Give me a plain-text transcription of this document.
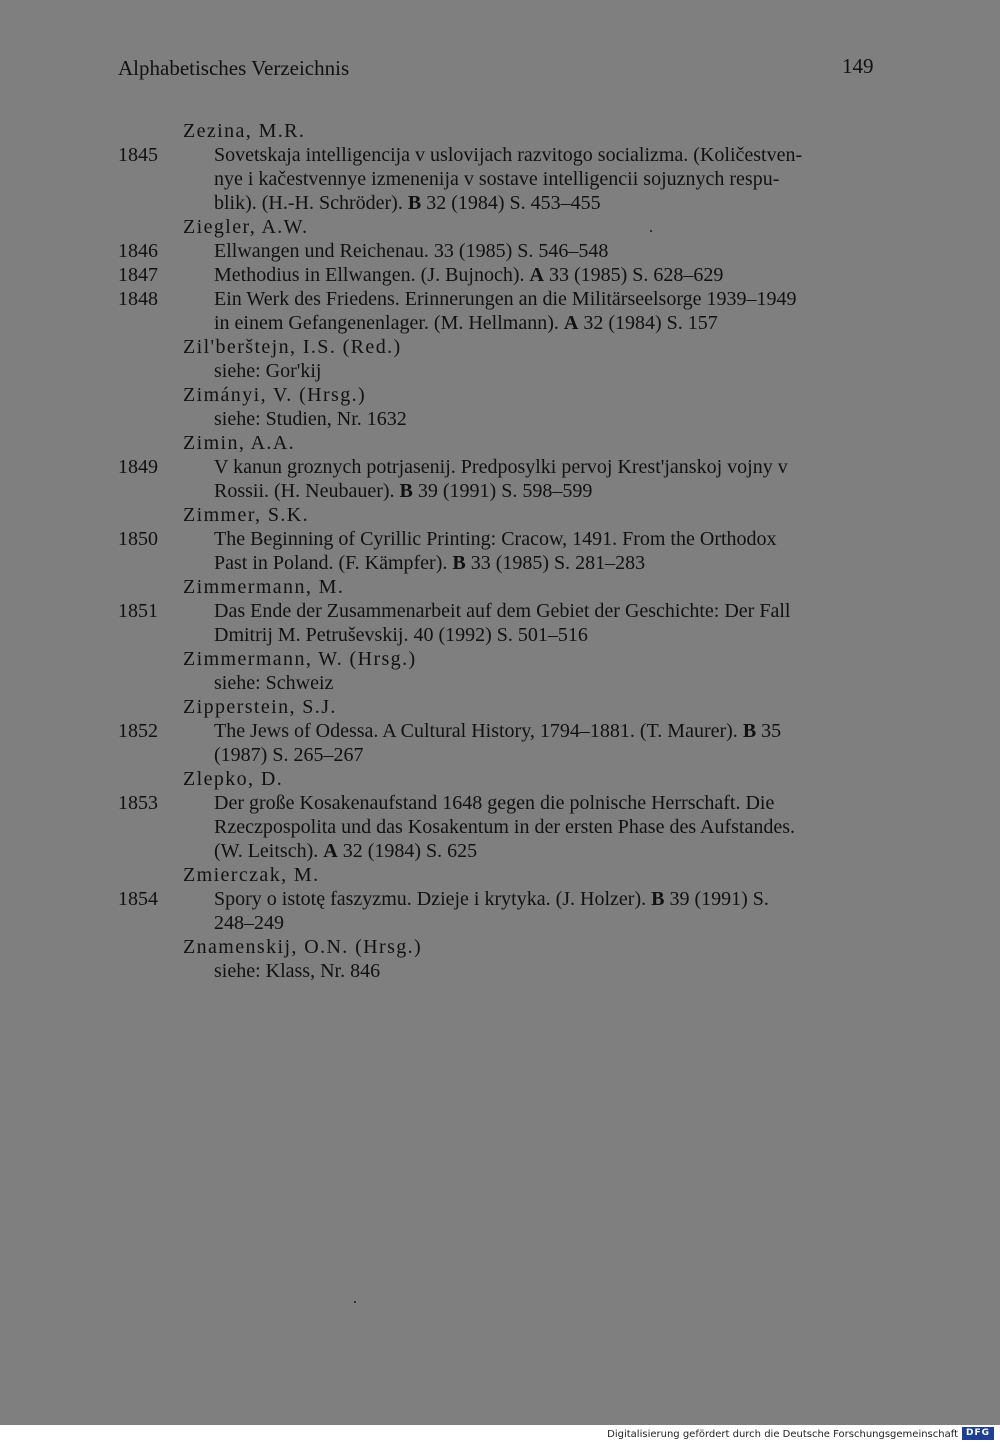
Alphabetisches Verzeichnis	149
Zezina, M.R.
1845	Sovetskaja intelligencija v uslovijach razvitogo socializma. (Količestven-
nye i kačestvennye izmenenija v sostave intelligencii sojuznych respu-
blik). (H.-H. Schröder). B 32 (1984) S. 453–455
Ziegler, A.W.
1846	Ellwangen und Reichenau. 33 (1985) S. 546–548
1847	Methodius in Ellwangen. (J. Bujnoch). A 33 (1985) S. 628–629
1848	Ein Werk des Friedens. Erinnerungen an die Militärseelsorge 1939–1949
in einem Gefangenenlager. (M. Hellmann). A 32 (1984) S. 157
Zil'berštejn, I.S. (Red.)
siehe: Gor'kij
Zimányi, V. (Hrsg.)
siehe: Studien, Nr. 1632
Zimin, A.A.
1849	V kanun groznych potrjasenij. Predposylki pervoj Krest'janskoj vojny v
Rossii. (H. Neubauer). B 39 (1991) S. 598–599
Zimmer, S.K.
1850	The Beginning of Cyrillic Printing: Cracow, 1491. From the Orthodox
Past in Poland. (F. Kämpfer). B 33 (1985) S. 281–283
Zimmermann, M.
1851	Das Ende der Zusammenarbeit auf dem Gebiet der Geschichte: Der Fall
Dmitrij M. Petruševskij. 40 (1992) S. 501–516
Zimmermann, W. (Hrsg.)
siehe: Schweiz
Zipperstein, S.J.
1852	The Jews of Odessa. A Cultural History, 1794–1881. (T. Maurer). B 35
(1987) S. 265–267
Zlepko, D.
1853	Der große Kosakenaufstand 1648 gegen die polnische Herrschaft. Die
Rzeczpospolita und das Kosakentum in der ersten Phase des Aufstandes.
(W. Leitsch). A 32 (1984) S. 625
Zmierczak, M.
1854	Spory o istotę faszyzmu. Dzieje i krytyka. (J. Holzer). B 39 (1991) S.
248–249
Znamenskij, O.N. (Hrsg.)
siehe: Klass, Nr. 846
Digitalisierung gefördert durch die Deutsche Forschungsgemeinschaft DFG
